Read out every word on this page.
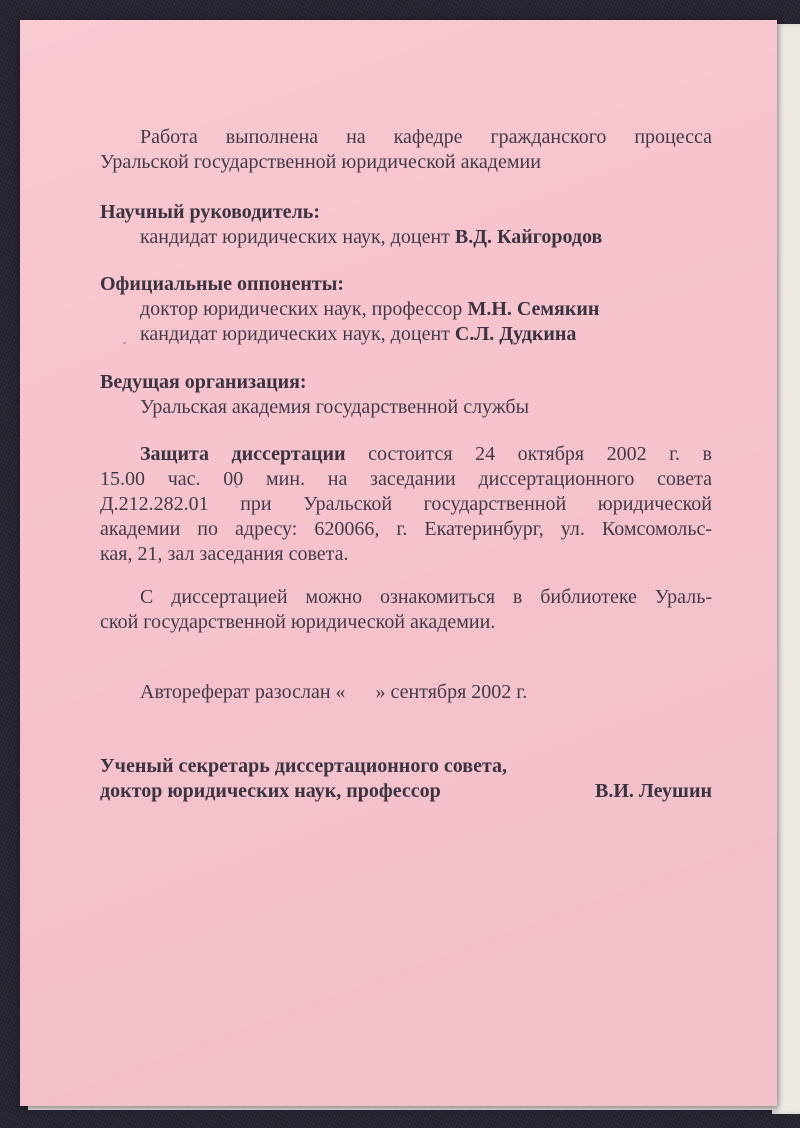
Работа выполнена на кафедре гражданского процесса
Уральской государственной юридической академии
Научный руководитель:
кандидат юридических наук, доцент В.Д. Кайгородов
Официальные оппоненты:
доктор юридических наук, профессор М.Н. Семякин
кандидат юридических наук, доцент С.Л. Дудкина
Ведущая организация:
Уральская академия государственной службы
Защита диссертации состоится 24 октября 2002 г. в
15.00 час. 00 мин. на заседании диссертационного совета
Д.212.282.01 при Уральской государственной юридической
академии по адресу: 620066, г. Екатеринбург, ул. Комсомольс-
кая, 21, зал заседания совета.
С диссертацией можно ознакомиться в библиотеке Ураль-
ской государственной юридической академии.
Автореферат разослан «      » сентября 2002 г.
Ученый секретарь диссертационного совета,
доктор юридических наук, профессор	В.И. Леушин
